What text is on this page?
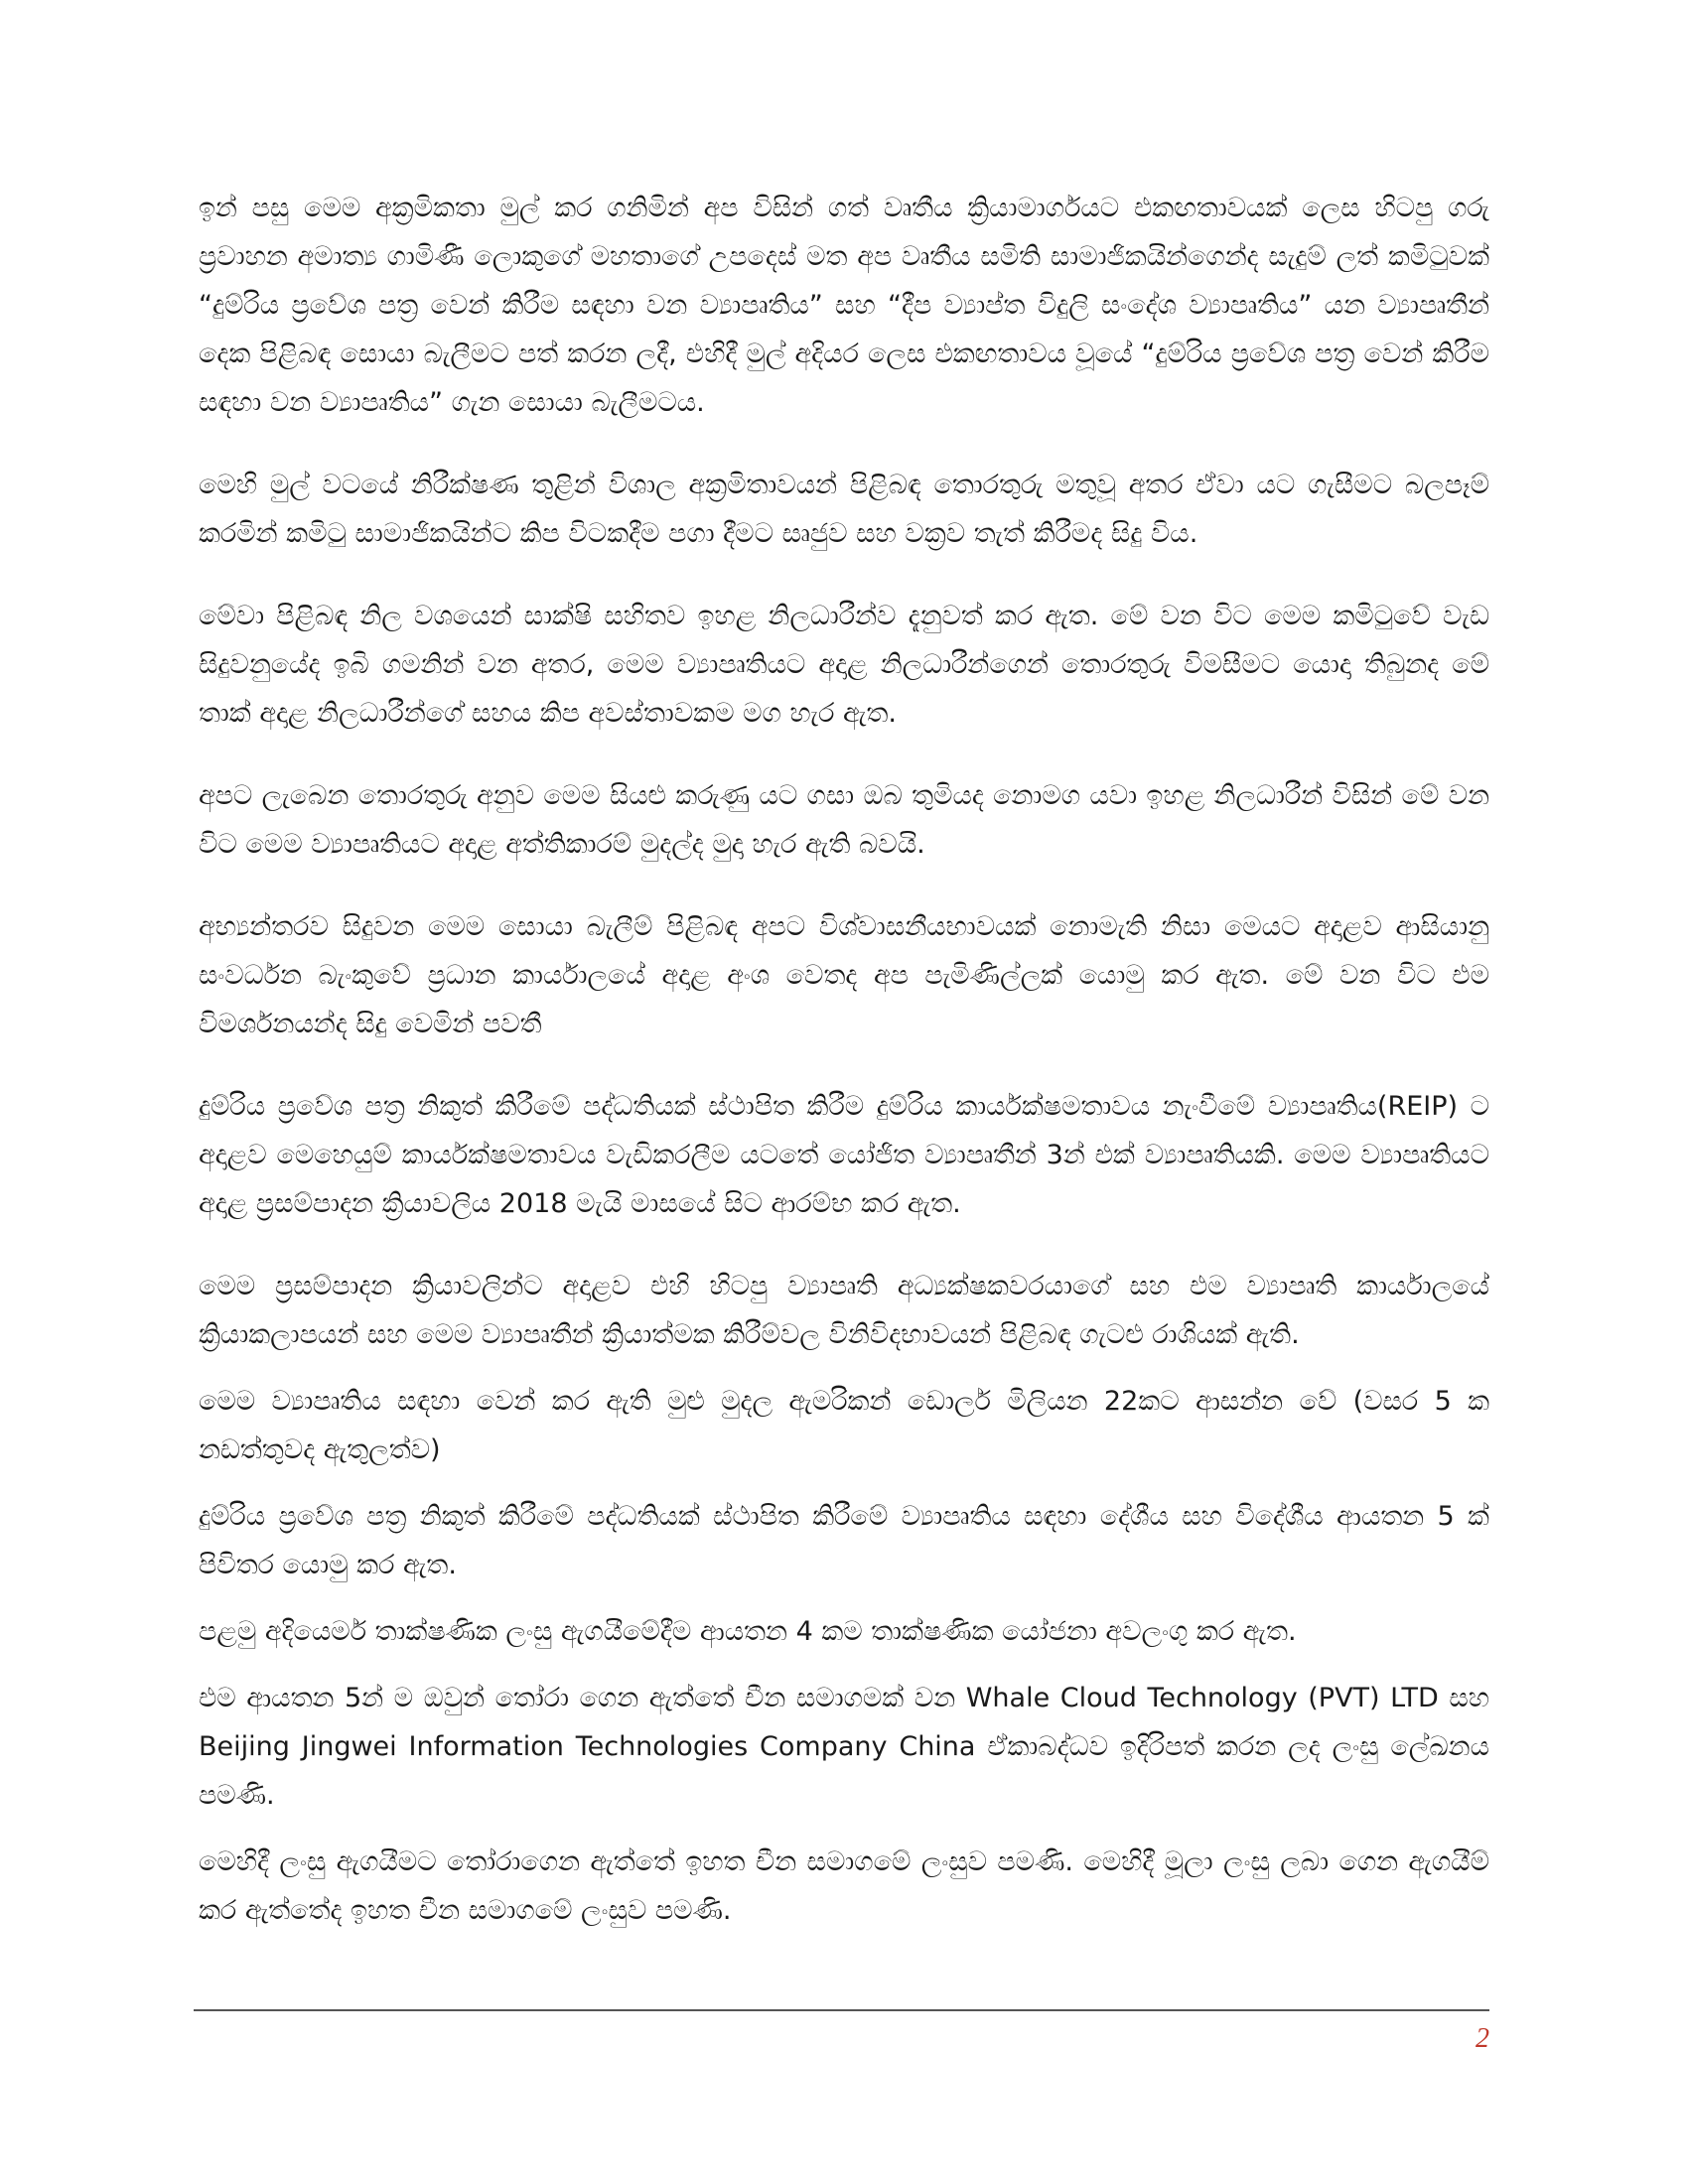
ඉන් පසු මෙම අක්‍රමිකතා මුල් කර ගනිමින් අප විසින් ගත් වෘතීය ක්‍රියාමාර්ගයට එකඟතාවයක් ලෙස හිටපු ගරු ප්‍රවාහන අමාත්‍ය ගාමිණී ලොකුගේ මහතාගේ උපදෙස් මත අප වෘතීය සමිති සාමාජිකයින්ගෙන්ද සැදුම් ලත් කමිටුවක් “දුම්රිය ප්‍රවේශ පත්‍ර වෙන් කිරීම සඳහා වන ව්‍යාපෘතිය” සහ “දීප ව්‍යාප්ත විදුලි සංදේශ ව්‍යාපෘතිය” යන ව්‍යාපෘතීන් දෙක පිළිබඳ සොයා බැලීමට පත් කරන ලදී, එහිදී මුල් අදියර ලෙස එකඟතාවය වූයේ “දුම්රිය ප්‍රවේශ පත්‍ර වෙන් කිරීම සඳහා වන ව්‍යාපෘතිය” ගැන සොයා බැලීමටය.

මෙහි මුල් වටයේ නිරීක්ෂණ තුළින් විශාල අක්‍රමිතාවයන් පිළිබඳ තොරතුරු මතුවූ අතර ඒවා යට ගැසීමට බලපෑම් කරමින් කමිටු සාමාජිකයින්ට කිප විටකදීම පගා දීමට සෘජුව සහ වක්‍රව තැත් කිරීමද සිදු විය.

මේවා පිළිබඳ නිල වශයෙන් සාක්ෂි සහිතව ඉහළ නිලධාරීන්ව දැනුවත් කර ඇත. මේ වන විට මෙම කමිටුවේ වැඩ සිදුවනුයේද ඉබි ගමනින් වන අතර, මෙම ව්‍යාපෘතියට අදාළ නිලධාරීන්ගෙන් තොරතුරු විමසීමට යොදා තිබුනද මේ තාක් අදාළ නිලධාරීන්ගේ සහය කිප අවස්තාවකම මග හැර ඇත.

අපට ලැබෙන තොරතුරු අනුව මෙම සියළු කරුණු යට ගසා ඔබ තුමියද නොමග යවා ඉහළ නිලධාරීන් විසින් මේ වන විට මෙම ව්‍යාපෘතියට අදාළ අත්තිකාරම් මුදල්ද මුදා හැර ඇති බවයි.

අභ්‍යන්තරව සිදුවන මෙම සොයා බැලීම් පිළිබඳ අපට විශ්වාසනීයභාවයක් නොමැති නිසා මෙයට අදාළව ආසියානු සංවර්ධන බැංකුවේ ප්‍රධාන කාර්යාලයේ අදාළ අංශ වෙතද අප පැමිණිල්ලක් යොමු කර ඇත. මේ වන විට එම විමර්ශනයන්ද සිදු වෙමින් පවතී

දුම්රිය ප්‍රවේශ පත්‍ර නිකුත් කිරීමේ පද්ධතියක් ස්ථාපිත කිරීම දුම්රිය කාර්යක්ෂමතාවය නැංවීමේ ව්‍යාපෘතිය(REIP) ට අදාළව මෙහෙයුම් කාර්යක්ෂමතාවය වැඩිකරලීම යටතේ යෝජිත ව්‍යාපෘතීන් 3න් එක් ව්‍යාපෘතියකි. මෙම ව්‍යාපෘතියට අදාළ ප්‍රසම්පාදන ක්‍රියාවලිය 2018 මැයි මාසයේ සිට ආරම්භ කර ඇත.

මෙම ප්‍රසම්පාදන ක්‍රියාවලින්ට අදාළව එහි හිටපු ව්‍යාපෘති අධ්‍යක්ෂකවරයාගේ සහ එම ව්‍යාපෘති කාර්යාලයේ ක්‍රියාකලාපයන් සහ මෙම ව්‍යාපෘතීන් ක්‍රියාත්මක කිරීම්වල විනිවිදභාවයන් පිළිබඳ ගැටළු රාශියක් ඇති.

මෙම ව්‍යාපෘතිය සඳහා වෙන් කර ඇති මුළු මුදල ඇමරිකන් ඩොලර් මිලියන 22කට ආසන්න වේ (වසර 5 ක නඩත්තුවද ඇතුලත්ව)

දුම්රිය ප්‍රවේශ පත්‍ර නිකුත් කිරීමේ පද්ධතියක් ස්ථාපිත කිරීමේ ව්‍යාපෘතිය සඳහා දේශීය සහ විදේශීය ආයතන 5 ක් පිවිතර යොමු කර ඇත.

පළමු අදියෙර්ම තාක්ෂණික ලංසු ඇගයීමේදීම ආයතන 4 කම තාක්ෂණික යෝජනා අවලංගු කර ඇත.

එම ආයතන 5න් ම ඔවුන් තෝරා ගෙන ඇත්තේ චීන සමාගමක් වන Whale Cloud Technology (PVT) LTD සහ Beijing Jingwei Information Technologies Company China ඒකාබද්ධව ඉදිරිපත් කරන ලද ලංසු ලේඛනය පමණි.

මෙහිදී ලංසු ඇගයීමට තෝරාගෙන ඇත්තේ ඉහත චීන සමාගමේ ලංසුව පමණි. මෙහිදී මූලා ලංසු ලබා ගෙන ඇගයීම් කර ඇත්තේද ඉහත චීන සමාගමේ ලංසුව පමණි.

2
